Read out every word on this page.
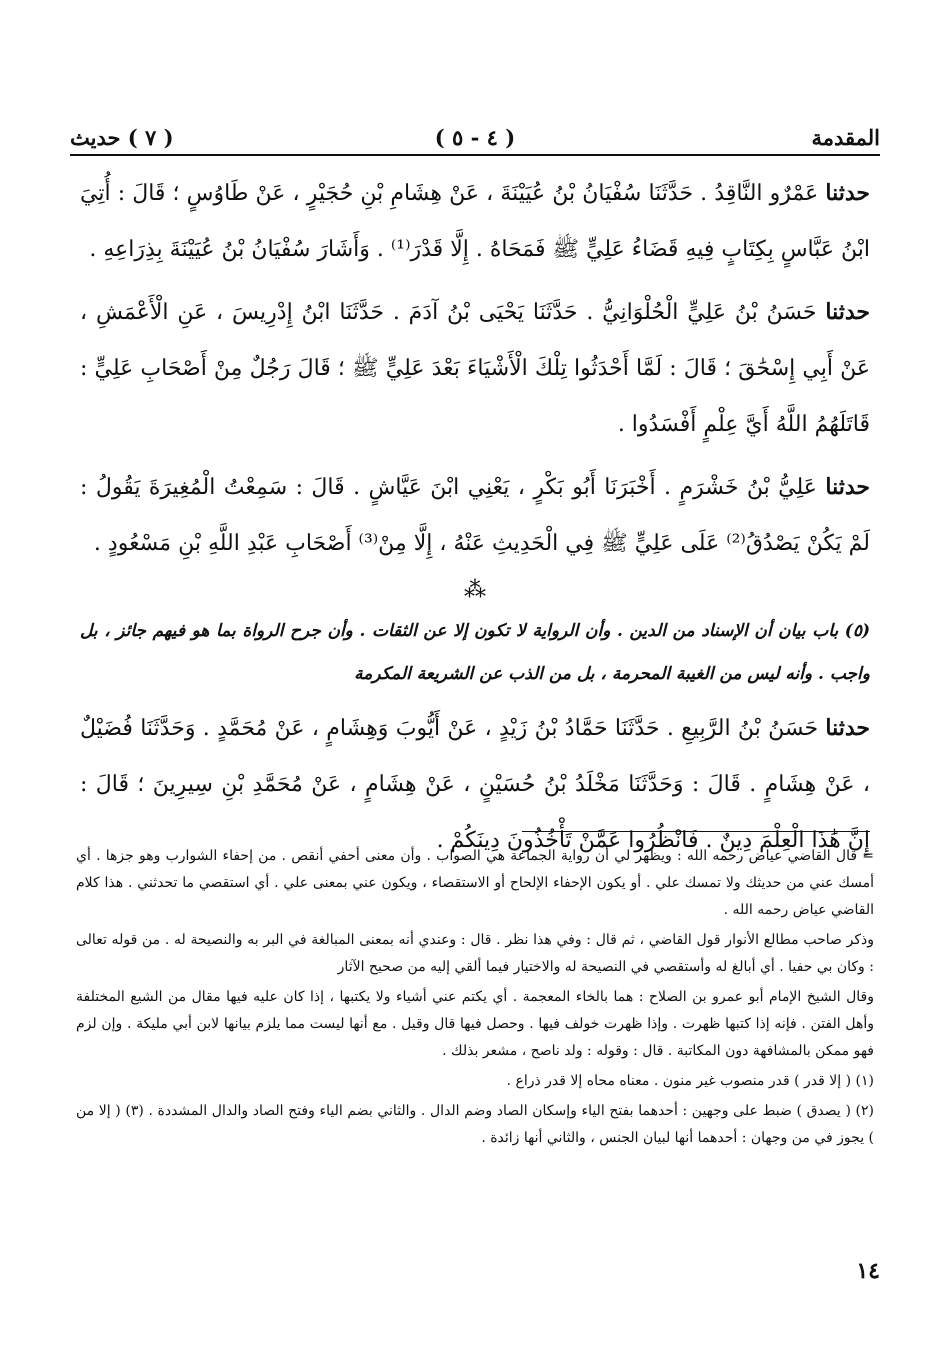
المقدمة
( ٤ - ٥ )
( ٧ ) حديث

حدثنا عَمْرٌو النَّاقِدُ . حَدَّثَنَا سُفْيَانُ بْنُ عُيَيْنَةَ ، عَنْ هِشَامِ بْنِ حُجَيْرٍ ، عَنْ طَاوُسٍ ؛ قَالَ : أُتِيَ ابْنُ عَبَّاسٍ بِكِتَابٍ فِيهِ قَضَاءُ عَلِيٍّ ﷺ فَمَحَاهُ . إِلَّا قَدْرَ⁽¹⁾ . وَأَشَارَ سُفْيَانُ بْنُ عُيَيْنَةَ بِذِرَاعِهِ .

حدثنا حَسَنُ بْنُ عَلِيٍّ الْحُلْوَانِيُّ . حَدَّثَنَا يَحْيَى بْنُ آدَمَ . حَدَّثَنَا ابْنُ إِدْرِيسَ ، عَنِ الْأَعْمَشِ ، عَنْ أَبِي إِسْحَٰقَ ؛ قَالَ : لَمَّا أَحْدَثُوا تِلْكَ الْأَشْيَاءَ بَعْدَ عَلِيٍّ ﷺ ؛ قَالَ رَجُلٌ مِنْ أَصْحَابِ عَلِيٍّ : قَاتَلَهُمُ اللَّهُ أَيَّ عِلْمٍ أَفْسَدُوا .

حدثنا عَلِيُّ بْنُ خَشْرَمٍ . أَخْبَرَنَا أَبُو بَكْرٍ ، يَعْنِي ابْنَ عَيَّاشٍ . قَالَ : سَمِعْتُ الْمُغِيرَةَ يَقُولُ : لَمْ يَكُنْ يَصْدُقُ⁽²⁾ عَلَى عَلِيٍّ ﷺ فِي الْحَدِيثِ عَنْهُ ، إِلَّا مِنْ⁽³⁾ أَصْحَابِ عَبْدِ اللَّهِ بْنِ مَسْعُودٍ .

⁂

(٥) باب بيان أن الإسناد من الدين . وأن الرواية لا تكون إلا عن الثقات . وأن جرح الرواة بما هو فيهم جائز ، بل واجب . وأنه ليس من الغيبة المحرمة ، بل من الذب عن الشريعة المكرمة

حدثنا حَسَنُ بْنُ الرَّبِيعِ . حَدَّثَنَا حَمَّادُ بْنُ زَيْدٍ ، عَنْ أَيُّوبَ وَهِشَامٍ ، عَنْ مُحَمَّدٍ . وَحَدَّثَنَا فُضَيْلٌ ، عَنْ هِشَامٍ . قَالَ : وَحَدَّثَنَا مَخْلَدُ بْنُ حُسَيْنٍ ، عَنْ هِشَامٍ ، عَنْ مُحَمَّدِ بْنِ سِيرِينَ ؛ قَالَ : إِنَّ هَٰذَا الْعِلْمَ دِينٌ . فَانْظُرُوا عَمَّنْ تَأْخُذُونَ دِينَكُمْ .

= قال القاضي عياض رحمه الله : ويظهر لي أن رواية الجماعة هي الصواب . وأن معنى أحفي أنقص . من إحفاء الشوارب وهو جزها . أي أمسك عني من حديثك ولا تمسك علي . أو يكون الإحفاء الإلحاح أو الاستقصاء ، ويكون عني بمعنى علي . أي استقصي ما تحدثني . هذا كلام القاضي عياض رحمه الله .

وذكر صاحب مطالع الأنوار قول القاضي ، ثم قال : وفي هذا نظر . قال : وعندي أنه بمعنى المبالغة في البر به والنصيحة له . من قوله تعالى : وكان بي حفيا . أي أبالغ له وأستقصي في النصيحة له والاختيار فيما ألقي إليه من صحيح الآثار

وقال الشيخ الإمام أبو عمرو بن الصلاح : هما بالخاء المعجمة . أي يكتم عني أشياء ولا يكتبها ، إذا كان عليه فيها مقال من الشيع المختلفة وأهل الفتن . فإنه إذا كتبها ظهرت . وإذا ظهرت خولف فيها . وحصل فيها قال وقيل . مع أنها ليست مما يلزم بيانها لابن أبي مليكة . وإن لزم فهو ممكن بالمشافهة دون المكاتبة . قال : وقوله : ولد ناصح ، مشعر بذلك .

(١) ( إلا قدر ) قدر منصوب غير منون . معناه محاه إلا قدر ذراع .

(٢) ( يصدق ) ضبط على وجهين : أحدهما بفتح الياء وإسكان الصاد وضم الدال . والثاني بضم الياء وفتح الصاد والدال المشددة . (٣) ( إلا من ) يجوز في من وجهان : أحدهما أنها لبيان الجنس ، والثاني أنها زائدة .

١٤
